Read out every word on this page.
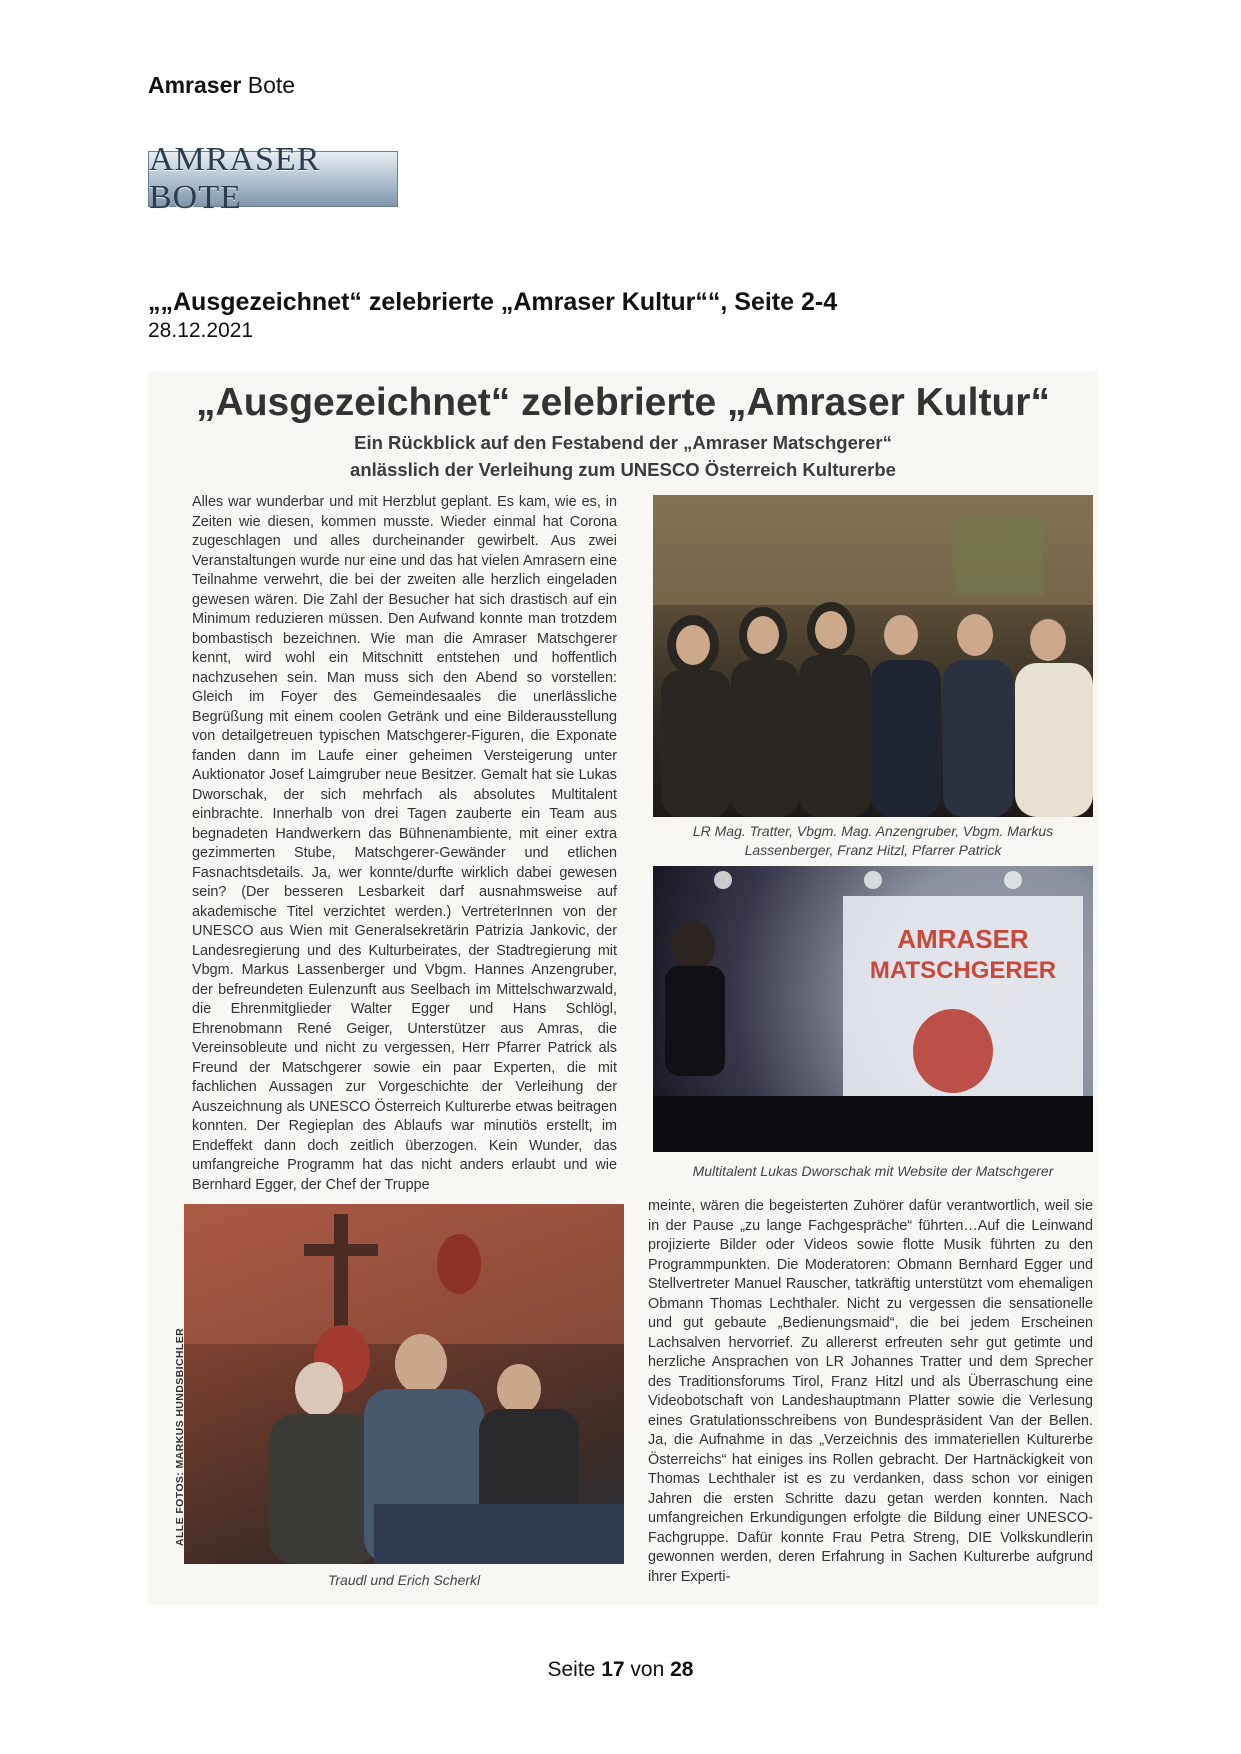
Amraser Bote
AMRASER BOTE
„„Ausgezeichnet“ zelebrierte „Amraser Kultur““, Seite 2-4
28.12.2021
„Ausgezeichnet“ zelebrierte „Amraser Kultur“
Ein Rückblick auf den Festabend der „Amraser Matschgerer“
anlässlich der Verleihung zum UNESCO Österreich Kulturerbe

Alles war wunderbar und mit Herzblut geplant. Es kam, wie es, in Zeiten wie diesen, kommen musste. Wieder einmal hat Corona zugeschlagen und alles durcheinander gewirbelt. Aus zwei Veranstaltungen wurde nur eine und das hat vielen Amrasern eine Teilnahme verwehrt, die bei der zweiten alle herzlich eingeladen gewesen wären. Die Zahl der Besucher hat sich drastisch auf ein Minimum reduzieren müssen. Den Aufwand konnte man trotzdem bombastisch bezeichnen. Wie man die Amraser Matschgerer kennt, wird wohl ein Mitschnitt entstehen und hoffentlich nachzusehen sein. Man muss sich den Abend so vorstellen: Gleich im Foyer des Gemeindesaales die unerlässliche Begrüßung mit einem coolen Getränk und eine Bilderausstellung von detailgetreuen typischen Matschgerer-Figuren, die Exponate fanden dann im Laufe einer geheimen Versteigerung unter Auktionator Josef Laimgruber neue Besitzer. Gemalt hat sie Lukas Dworschak, der sich mehrfach als absolutes Multitalent einbrachte. Innerhalb von drei Tagen zauberte ein Team aus begnadeten Handwerkern das Bühnenambiente, mit einer extra gezimmerten Stube, Matschgerer-Gewänder und etlichen Fasnachtsdetails. Ja, wer konnte/durfte wirklich dabei gewesen sein? (Der besseren Lesbarkeit darf ausnahmsweise auf akademische Titel verzichtet werden.) VertreterInnen von der UNESCO aus Wien mit Generalsekretärin Patrizia Jankovic, der Landesregierung und des Kulturbeirates, der Stadtregierung mit Vbgm. Markus Lassenberger und Vbgm. Hannes Anzengruber, der befreundeten Eulenzunft aus Seelbach im Mittelschwarzwald, die Ehrenmitglieder Walter Egger und Hans Schlögl, Ehrenobmann René Geiger, Unterstützer aus Amras, die Vereinsobleute und nicht zu vergessen, Herr Pfarrer Patrick als Freund der Matschgerer sowie ein paar Experten, die mit fachlichen Aussagen zur Vorgeschichte der Verleihung der Auszeichnung als UNESCO Österreich Kulturerbe etwas beitragen konnten. Der Regieplan des Ablaufs war minutiös erstellt, im Endeffekt dann doch zeitlich überzogen. Kein Wunder, das umfangreiche Programm hat das nicht anders erlaubt und wie Bernhard Egger, der Chef der Truppe

LR Mag. Tratter, Vbgm. Mag. Anzengruber, Vbgm. Markus
Lassenberger, Franz Hitzl, Pfarrer Patrick
AMRASER
MATSCHGERER
Multitalent Lukas Dworschak mit Website der Matschgerer
ALLE FOTOS: MARKUS HUNDSBICHLER
Traudl und Erich Scherkl

meinte, wären die begeisterten Zuhörer dafür verantwortlich, weil sie in der Pause „zu lange Fachgespräche“ führten…Auf die Leinwand projizierte Bilder oder Videos sowie flotte Musik führten zu den Programmpunkten. Die Moderatoren: Obmann Bernhard Egger und Stellvertreter Manuel Rauscher, tatkräftig unterstützt vom ehemaligen Obmann Thomas Lechthaler. Nicht zu vergessen die sensationelle und gut gebaute „Bedienungsmaid“, die bei jedem Erscheinen Lachsalven hervorrief. Zu allererst erfreuten sehr gut getimte und herzliche Ansprachen von LR Johannes Tratter und dem Sprecher des Traditionsforums Tirol, Franz Hitzl und als Überraschung eine Videobotschaft von Landeshauptmann Platter sowie die Verlesung eines Gratulationsschreibens von Bundespräsident Van der Bellen. Ja, die Aufnahme in das „Verzeichnis des immateriellen Kulturerbe Österreichs“ hat einiges ins Rollen gebracht. Der Hartnäckigkeit von Thomas Lechthaler ist es zu verdanken, dass schon vor einigen Jahren die ersten Schritte dazu getan werden konnten. Nach umfangreichen Erkundigungen erfolgte die Bildung einer UNESCO-Fachgruppe. Dafür konnte Frau Petra Streng, DIE Volkskundlerin gewonnen werden, deren Erfahrung in Sachen Kulturerbe aufgrund ihrer Experti-

Seite 17 von 28
